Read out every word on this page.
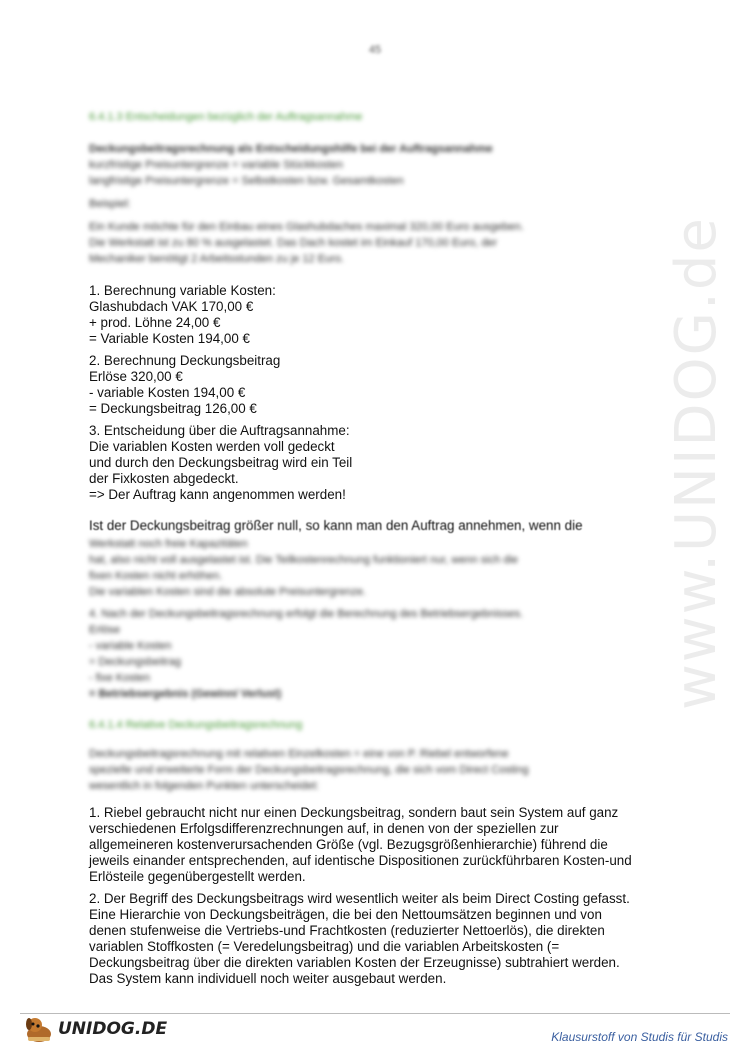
45
www.UNIDOG.de
6.4.1.3 Entscheidungen bezüglich der Auftragsannahme
Deckungsbeitragsrechnung als Entscheidungshilfe bei der Auftragsannahme
kurzfristige Preisuntergrenze = variable Stückkosten
langfristige Preisuntergrenze = Selbstkosten bzw. Gesamtkosten
Beispiel:
Ein Kunde möchte für den Einbau eines Glashubdaches maximal 320,00 Euro ausgeben.
Die Werkstatt ist zu 80 % ausgelastet. Das Dach kostet im Einkauf 170,00 Euro, der
Mechaniker benötigt 2 Arbeitsstunden zu je 12 Euro.

1. Berechnung variable Kosten:

Glashubdach VAK 170,00 €

+ prod. Löhne 24,00 €

= Variable Kosten 194,00 €

2. Berechnung Deckungsbeitrag

Erlöse 320,00 €

- variable Kosten 194,00 €

= Deckungsbeitrag 126,00 €

3. Entscheidung über die Auftragsannahme:

Die variablen Kosten werden voll gedeckt

und durch den Deckungsbeitrag wird ein Teil

der Fixkosten abgedeckt.

=> Der Auftrag kann angenommen werden!

Ist der Deckungsbeitrag größer null, so kann man den Auftrag annehmen, wenn die
Werkstatt noch freie Kapazitäten
hat, also nicht voll ausgelastet ist. Die Teilkostenrechnung funktioniert nur, wenn sich die
fixen Kosten nicht erhöhen.
Die variablen Kosten sind die absolute Preisuntergrenze.
4. Nach der Deckungsbeitragsrechnung erfolgt die Berechnung des Betriebsergebnisses.
Erlöse
- variable Kosten
= Deckungsbeitrag
- fixe Kosten
= Betriebsergebnis (Gewinn/ Verlust)
6.4.1.4 Relative Deckungsbeitragsrechnung
Deckungsbeitragsrechnung mit relativen Einzelkosten = eine von P. Riebel entworfene
spezielle und erweiterte Form der Deckungsbeitragsrechnung, die sich vom Direct Costing
wesentlich in folgenden Punkten unterscheidet:

1. Riebel gebraucht nicht nur einen Deckungsbeitrag, sondern baut sein System auf ganz

verschiedenen Erfolgsdifferenzrechnungen auf, in denen von der speziellen zur

allgemeineren kostenverursachenden Größe (vgl. Bezugsgrößenhierarchie) führend die

jeweils einander entsprechenden, auf identische Dispositionen zurückführbaren Kosten-und

Erlösteile gegenübergestellt werden.

2. Der Begriff des Deckungsbeitrags wird wesentlich weiter als beim Direct Costing gefasst.

Eine Hierarchie von Deckungsbeiträgen, die bei den Nettoumsätzen beginnen und von

denen stufenweise die Vertriebs-und Frachtkosten (reduzierter Nettoerlös), die direkten

variablen Stoffkosten (= Veredelungsbeitrag) und die variablen Arbeitskosten (=

Deckungsbeitrag über die direkten variablen Kosten der Erzeugnisse) subtrahiert werden.

Das System kann individuell noch weiter ausgebaut werden.

UNIDOG.DE	Klausurstoff von Studis für Studis
